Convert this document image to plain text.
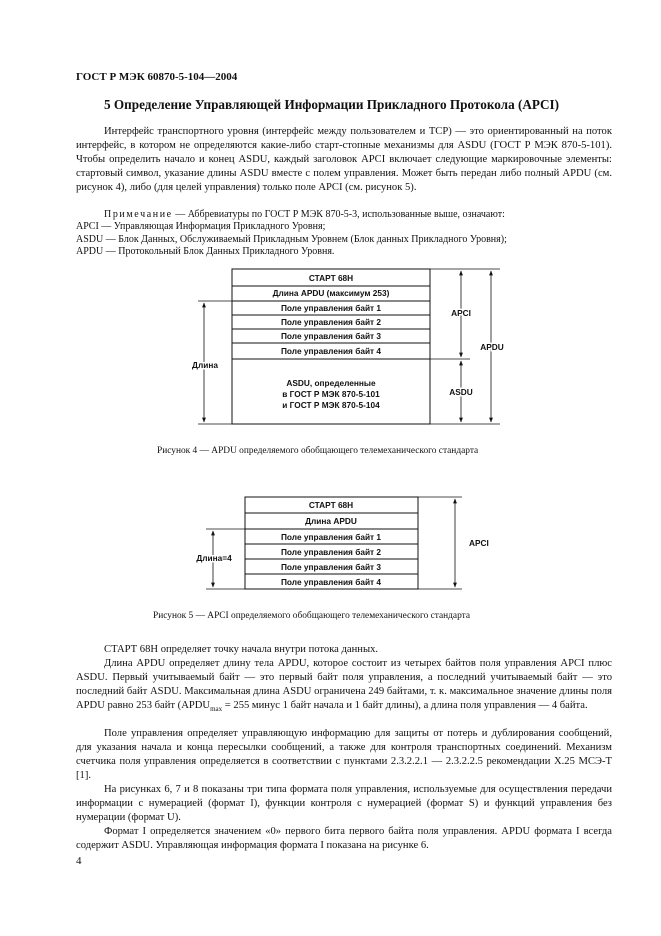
ГОСТ Р МЭК 60870-5-104—2004
5 Определение Управляющей Информации Прикладного Протокола (APCI)
Интерфейс транспортного уровня (интерфейс между пользователем и TCP) — это ориентированный на поток интерфейс, в котором не определяются какие-либо старт-стопные механизмы для ASDU (ГОСТ Р МЭК 870-5-101). Чтобы определить начало и конец ASDU, каждый заголовок APCI включает следующие маркировочные элементы: стартовый символ, указание длины ASDU вместе с полем управления. Может быть передан либо полный APDU (см. рисунок 4), либо (для целей управления) только поле APCI (см. рисунок 5).
Примечание — Аббревиатуры по ГОСТ Р МЭК 870-5-3, использованные выше, означают:
APCI — Управляющая Информация Прикладного Уровня;
ASDU — Блок Данных, Обслуживаемый Прикладным Уровнем (Блок данных Прикладного Уровня);
APDU — Протокольный Блок Данных Прикладного Уровня.
СТАРТ 68Н
Длина APDU (максимум 253)
Поле управления байт 1
Поле управления байт 2
Поле управления байт 3
Поле управления байт 4
ASDU, определенные
в ГОСТ Р МЭК 870-5-101
и ГОСТ Р МЭК 870-5-104
Длина
APCI
ASDU
APDU
СТАРТ 68Н
Длина APDU
Поле управления байт 1
Поле управления байт 2
Поле управления байт 3
Поле управления байт 4
Длина=4
APCI
Рисунок 4 — APDU определяемого обобщающего телемеханического стандарта
Рисунок 5 — APCI определяемого обобщающего телемеханического стандарта
СТАРТ 68Н определяет точку начала внутри потока данных.
Длина APDU определяет длину тела APDU, которое состоит из четырех байтов поля управления APCI плюс ASDU. Первый учитываемый байт — это первый байт поля управления, а последний учитываемый байт — это последний байт ASDU. Максимальная длина ASDU ограничена 249 байтами, т. к. максимальное значение длины поля APDU равно 253 байт ($APDU_{max} = 255$ минус 1 байт начала и 1 байт длины), а длина поля управления — 4 байта.
Поле управления определяет управляющую информацию для защиты от потерь и дублирования сообщений, для указания начала и конца пересылки сообщений, а также для контроля транспортных соединений. Механизм счетчика поля управления определяется в соответствии с пунктами 2.3.2.2.1 — 2.3.2.2.5 рекомендации X.25 МСЭ-Т [1].
На рисунках 6, 7 и 8 показаны три типа формата поля управления, используемые для осуществления передачи информации с нумерацией (формат I), функции контроля с нумерацией (формат S) и функций управления без нумерации (формат U).
Формат I определяется значением «0» первого бита первого байта поля управления. APDU формата I всегда содержит ASDU. Управляющая информация формата I показана на рисунке 6.
4
